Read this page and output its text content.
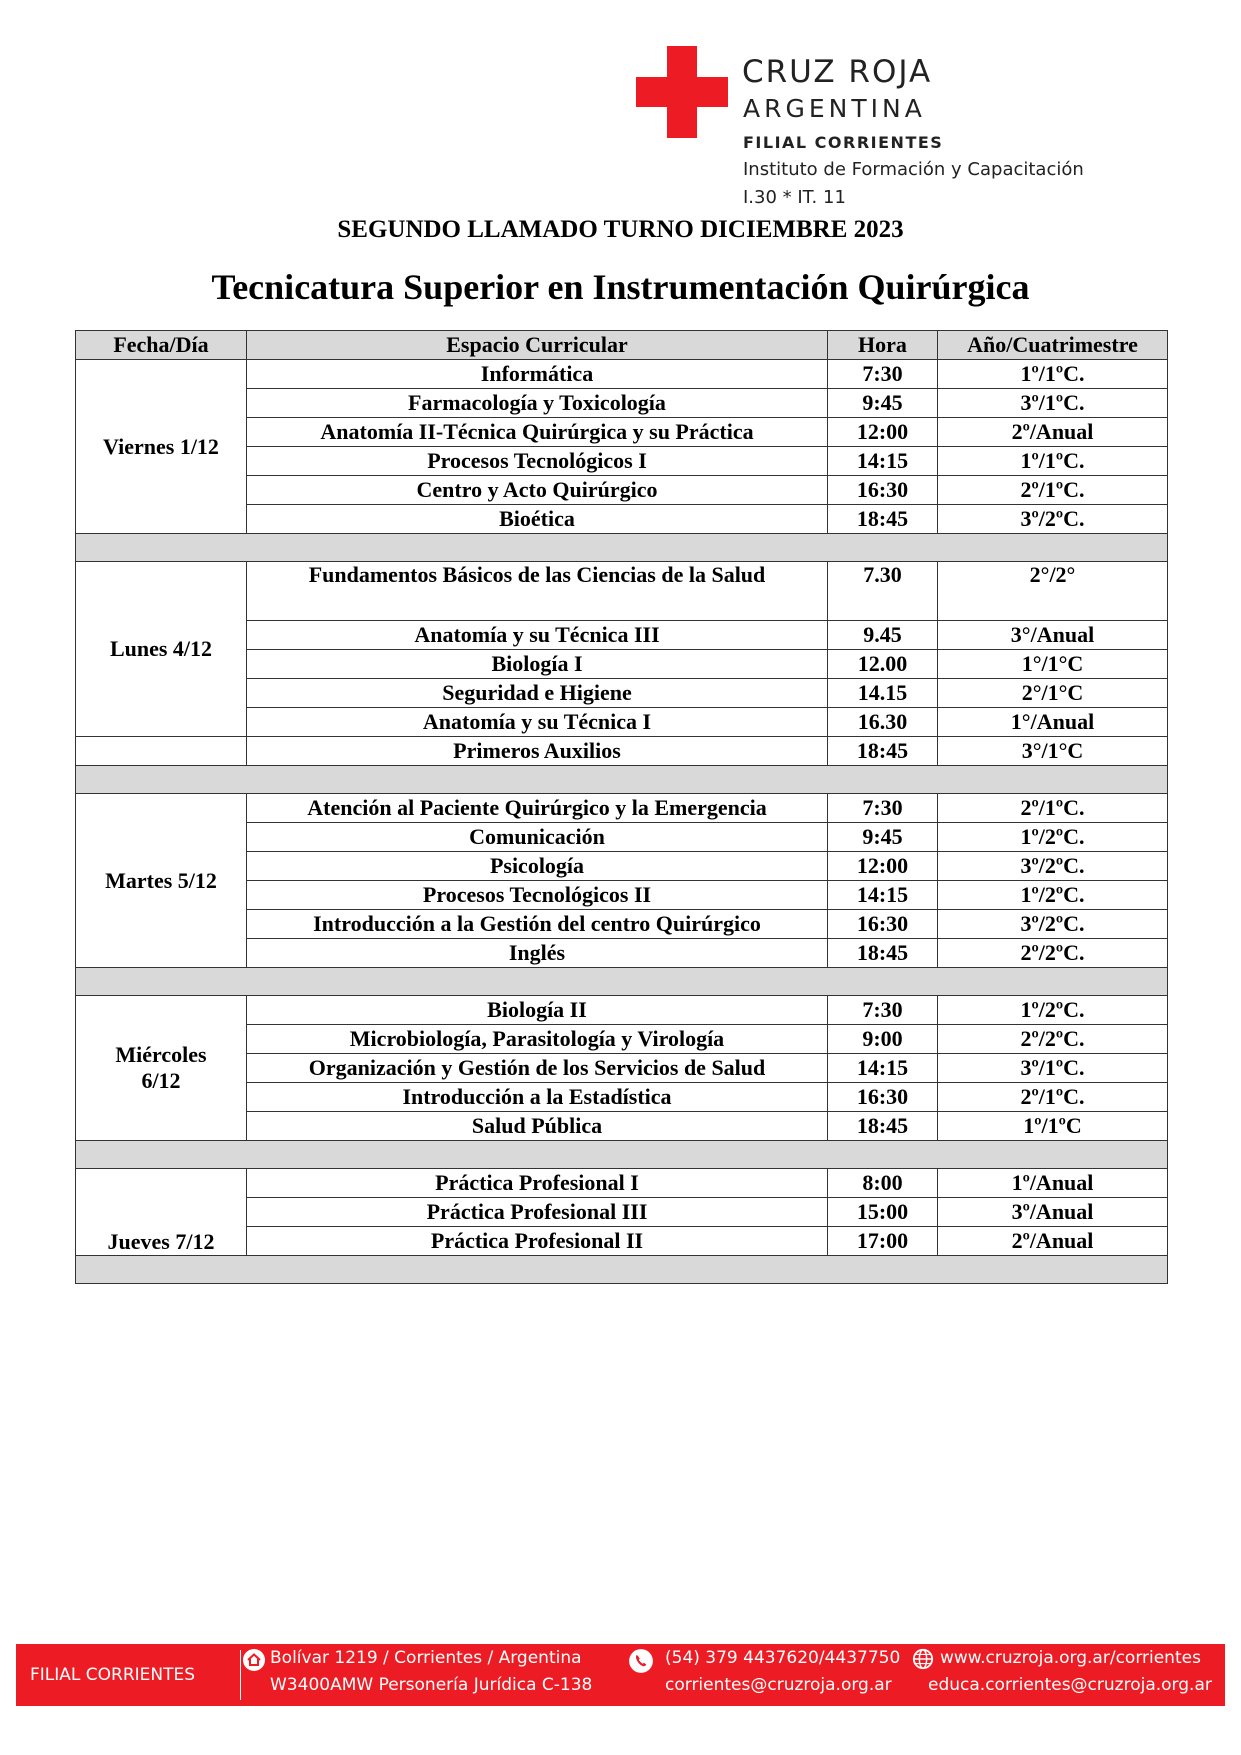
CRUZ ROJA
ARGENTINA
FILIAL CORRIENTES
Instituto de Formación y Capacitación
I.30 * IT. 11
SEGUNDO LLAMADO TURNO DICIEMBRE 2023
Tecnicatura Superior en Instrumentación Quirúrgica
Fecha/Día	Espacio Curricular	Hora	Año/Cuatrimestre
Viernes 1/12	Informática	7:30	1º/1ºC.
	Farmacología y Toxicología	9:45	3º/1ºC.
	Anatomía II-Técnica Quirúrgica y su Práctica	12:00	2º/Anual
	Procesos Tecnológicos I	14:15	1º/1ºC.
	Centro y Acto Quirúrgico	16:30	2º/1ºC.
	Bioética	18:45	3º/2ºC.

Lunes 4/12	Fundamentos Básicos de las Ciencias de la Salud	7.30	2°/2°
	Anatomía y su Técnica III	9.45	3°/Anual
	Biología I	12.00	1°/1°C
	Seguridad e Higiene	14.15	2°/1°C
	Anatomía y su Técnica I	16.30	1°/Anual
	Primeros Auxilios	18:45	3°/1°C

Martes 5/12	Atención al Paciente Quirúrgico y la Emergencia	7:30	2º/1ºC.
	Comunicación	9:45	1º/2ºC.
	Psicología	12:00	3º/2ºC.
	Procesos Tecnológicos II	14:15	1º/2ºC.
	Introducción a la Gestión del centro Quirúrgico	16:30	3º/2ºC.
	Inglés	18:45	2º/2ºC.

Miércoles
6/12	Biología II	7:30	1º/2ºC.
	Microbiología, Parasitología y Virología	9:00	2º/2ºC.
	Organización y Gestión de los Servicios de Salud	14:15	3º/1ºC.
	Introducción a la Estadística	16:30	2º/1ºC.
	Salud Pública	18:45	1º/1ºC

Jueves 7/12	Práctica Profesional I	8:00	1º/Anual
	Práctica Profesional III	15:00	3º/Anual
	Práctica Profesional II	17:00	2º/Anual

FILIAL CORRIENTES
Bolívar 1219 / Corrientes / Argentina
W3400AMW Personería Jurídica C-138
(54) 379 4437620/4437750
corrientes@cruzroja.org.ar
www.cruzroja.org.ar/corrientes
educa.corrientes@cruzroja.org.ar
